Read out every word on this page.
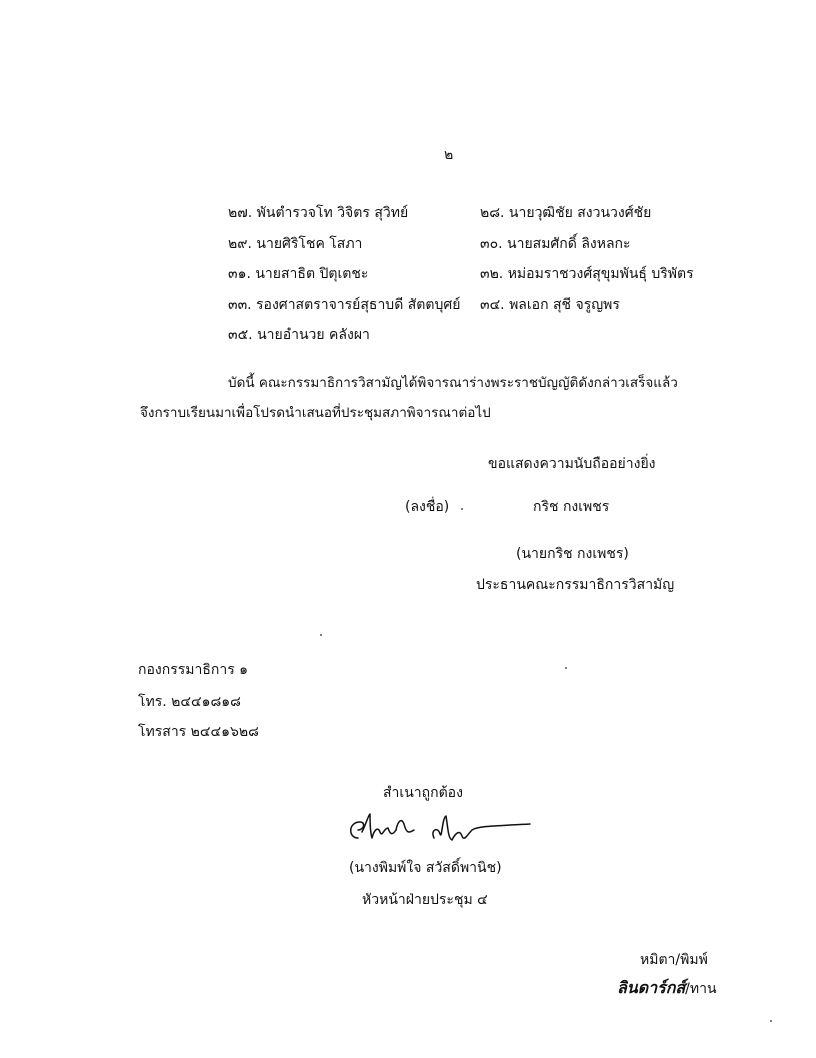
๒
๒๗. พันตำรวจโท วิจิตร สุวิทย์	๒๘. นายวุฒิชัย สงวนวงศ์ชัย
๒๙. นายศิริโชค โสภา	๓๐. นายสมศักดิ์ ลิงหลกะ
๓๑. นายสาธิต ปิตุเตชะ	๓๒. หม่อมราชวงศ์สุขุมพันธุ์ บริพัตร
๓๓. รองศาสตราจารย์สุธาบดี สัตตบุศย์ ๓๔. พลเอก สุชี จรูญพร
๓๕. นายอำนวย คลังผา
บัดนี้ คณะกรรมาธิการวิสามัญได้พิจารณาร่างพระราชบัญญัติดังกล่าวเสร็จแล้ว
จึงกราบเรียนมาเพื่อโปรดนำเสนอที่ประชุมสภาพิจารณาต่อไป
ขอแสดงความนับถืออย่างยิ่ง
(ลงชื่อ)	กริช กงเพชร
(นายกริช กงเพชร)
ประธานคณะกรรมาธิการวิสามัญ
กองกรรมาธิการ ๑
โทร. ๒๔๔๑๘๑๘
โทรสาร ๒๔๔๑๖๒๘
สำเนาถูกต้อง
(นางพิมพ์ใจ สวัสดิ์พานิช)
หัวหน้าฝ่ายประชุม ๔
หมิตา/พิมพ์
ลินดาร์กส์/ทาน
